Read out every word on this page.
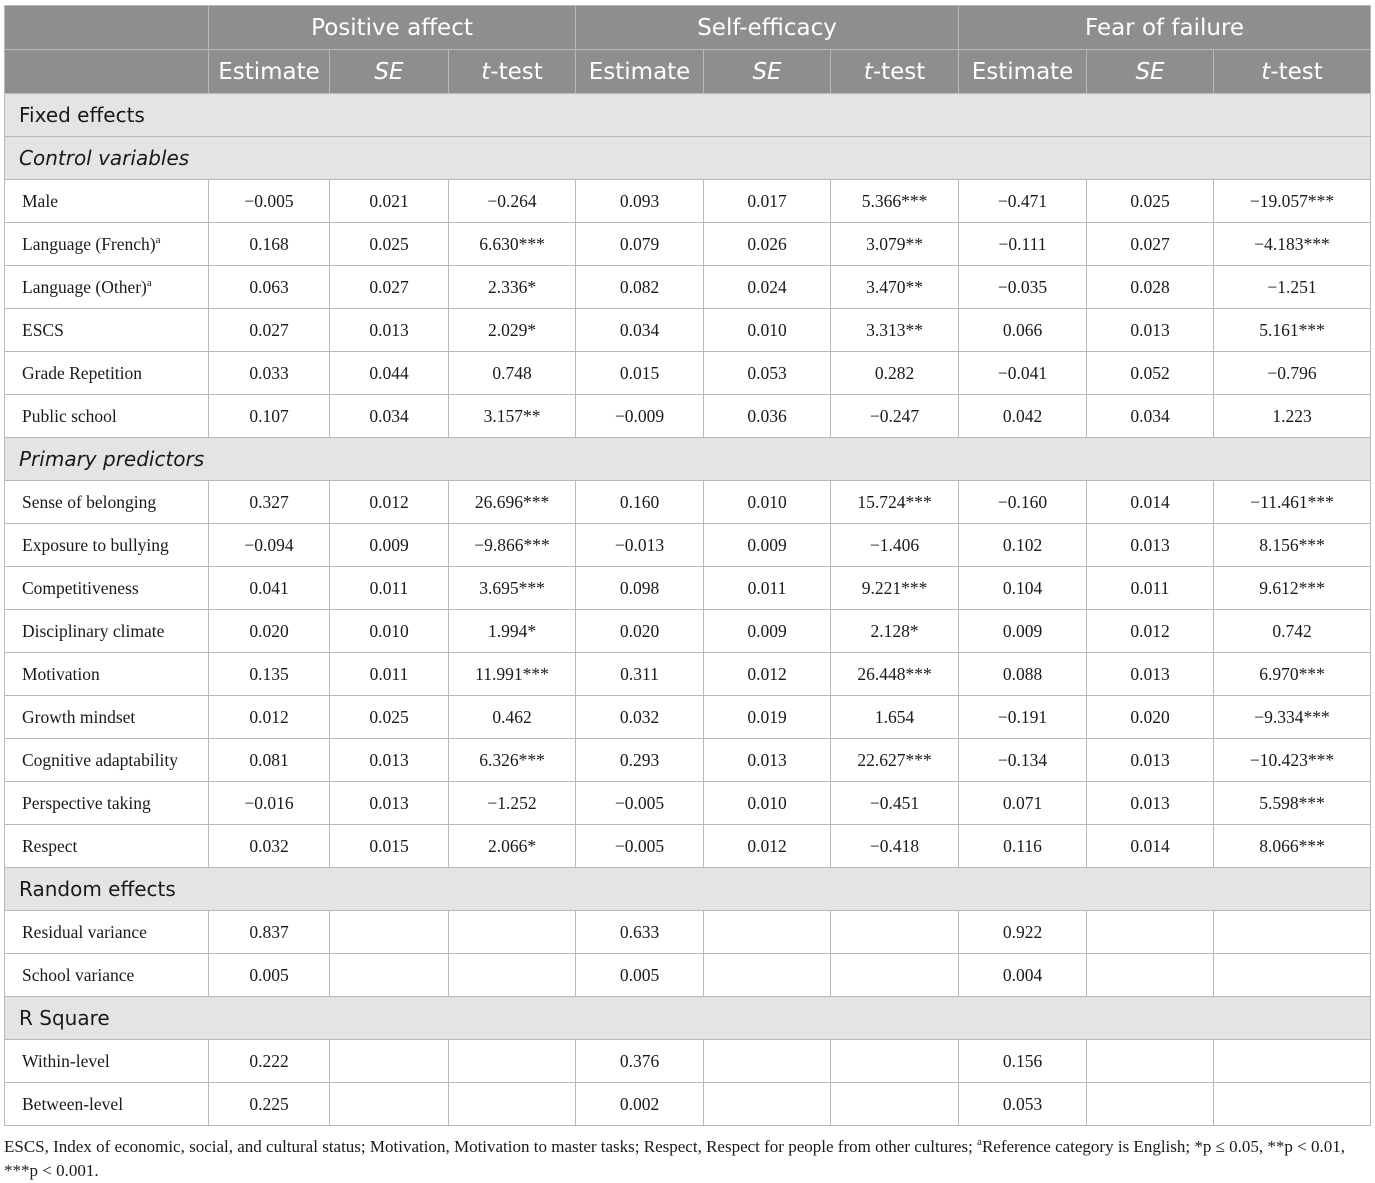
	Positive affect			Self-efficacy			Fear of failure		
	Estimate	SE	t-test	Estimate	SE	t-test	Estimate	SE	t-test
Fixed effects									
Control variables									
Male	−0.005	0.021	−0.264	0.093	0.017	5.366***	−0.471	0.025	−19.057***
Language (French)$^a$	0.168	0.025	6.630***	0.079	0.026	3.079**	−0.111	0.027	−4.183***
Language (Other)$^a$	0.063	0.027	2.336*	0.082	0.024	3.470**	−0.035	0.028	−1.251
ESCS	0.027	0.013	2.029*	0.034	0.010	3.313**	0.066	0.013	5.161***
Grade Repetition	0.033	0.044	0.748	0.015	0.053	0.282	−0.041	0.052	−0.796
Public school	0.107	0.034	3.157**	−0.009	0.036	−0.247	0.042	0.034	1.223
Primary predictors									
Sense of belonging	0.327	0.012	26.696***	0.160	0.010	15.724***	−0.160	0.014	−11.461***
Exposure to bullying	−0.094	0.009	−9.866***	−0.013	0.009	−1.406	0.102	0.013	8.156***
Competitiveness	0.041	0.011	3.695***	0.098	0.011	9.221***	0.104	0.011	9.612***
Disciplinary climate	0.020	0.010	1.994*	0.020	0.009	2.128*	0.009	0.012	0.742
Motivation	0.135	0.011	11.991***	0.311	0.012	26.448***	0.088	0.013	6.970***
Growth mindset	0.012	0.025	0.462	0.032	0.019	1.654	−0.191	0.020	−9.334***
Cognitive adaptability	0.081	0.013	6.326***	0.293	0.013	22.627***	−0.134	0.013	−10.423***
Perspective taking	−0.016	0.013	−1.252	−0.005	0.010	−0.451	0.071	0.013	5.598***
Respect	0.032	0.015	2.066*	−0.005	0.012	−0.418	0.116	0.014	8.066***
Random effects									
Residual variance	0.837			0.633			0.922		
School variance	0.005			0.005			0.004		
R Square									
Within-level	0.222			0.376			0.156		
Between-level	0.225			0.002			0.053		
ESCS, Index of economic, social, and cultural status; Motivation, Motivation to master tasks; Respect, Respect for people from other cultures; $^a$Reference category is English; *p ≤ 0.05, **p < 0.01, ***p < 0.001.
